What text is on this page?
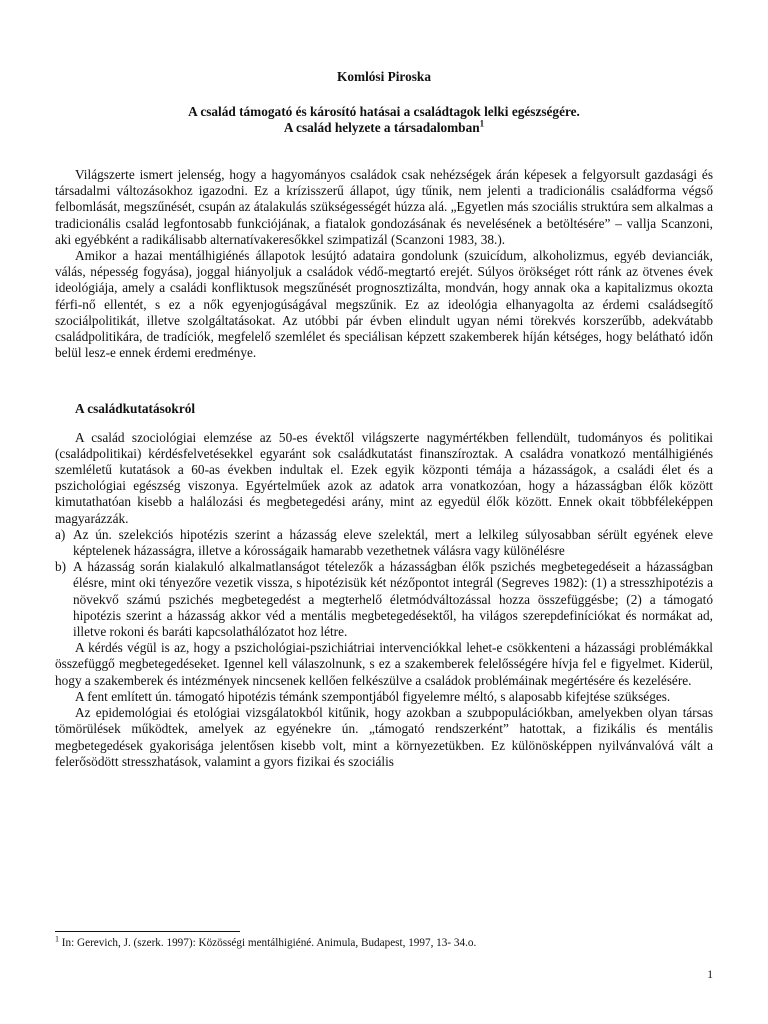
Komlósi Piroska
A család támogató és károsító hatásai a családtagok lelki egészségére.
A család helyzete a társadalomban$^1$

Világszerte ismert jelenség, hogy a hagyományos családok csak nehézségek árán képesek a felgyorsult gazdasági és társadalmi változásokhoz igazodni. Ez a krízisszerű állapot, úgy tűnik, nem jelenti a tradicionális családforma végső felbomlását, megszűnését, csupán az átalakulás szükségességét húzza alá. „Egyetlen más szociális struktúra sem alkalmas a tradicionális család legfontosabb funkciójának, a fiatalok gondozásának és nevelésének a betöltésére” – vallja Scanzoni, aki egyébként a radikálisabb alternatívakeresőkkel szimpatizál (Scanzoni 1983, 38.).

Amikor a hazai mentálhigiénés állapotok lesújtó adataira gondolunk (szuicídum, alkoholizmus, egyéb devianciák, válás, népesség fogyása), joggal hiányoljuk a családok védő-megtartó erejét. Súlyos örökséget rótt ránk az ötvenes évek ideológiája, amely a családi konfliktusok megszűnését prognosztizálta, mondván, hogy annak oka a kapitalizmus okozta férfi-nő ellentét, s ez a nők egyenjogúságával megszűnik. Ez az ideológia elhanyagolta az érdemi családsegítő szociálpolitikát, illetve szolgáltatásokat. Az utóbbi pár évben elindult ugyan némi törekvés korszerűbb, adekvátabb családpolitikára, de tradíciók, megfelelő szemlélet és speciálisan képzett szakemberek híján kétséges, hogy belátható időn belül lesz-e ennek érdemi eredménye.

A családkutatásokról

A család szociológiai elemzése az 50-es évektől világszerte nagymértékben fellendült, tudományos és politikai (családpolitikai) kérdésfelvetésekkel egyaránt sok családkutatást finanszíroztak. A családra vonatkozó mentálhigiénés szemléletű kutatások a 60-as években indultak el. Ezek egyik központi témája a házasságok, a családi élet és a pszichológiai egészség viszonya. Egyértelműek azok az adatok arra vonatkozóan, hogy a házasságban élők között kimutathatóan kisebb a halálozási és megbetegedési arány, mint az egyedül élők között. Ennek okait többféleképpen magyarázzák.

a) Az ún. szelekciós hipotézis szerint a házasság eleve szelektál, mert a lelkileg súlyosabban sérült egyének eleve képtelenek házasságra, illetve a kórosságaik hamarabb vezethetnek válásra vagy különélésre
b) A házasság során kialakuló alkalmatlanságot tételezők a házasságban élők pszichés megbetegedéseit a házasságban élésre, mint oki tényezőre vezetik vissza, s hipotézisük két nézőpontot integrál (Segreves 1982): (1) a stresszhipotézis a növekvő számú pszichés megbetegedést a megterhelő életmódváltozással hozza összefüggésbe; (2) a támogató hipotézis szerint a házasság akkor véd a mentális megbetegedésektől, ha világos szerepdefiníciókat és normákat ad, illetve rokoni és baráti kapcsolathálózatot hoz létre.

A kérdés végül is az, hogy a pszichológiai-pszichiátriai intervenciókkal lehet-e csökkenteni a házassági problémákkal összefüggő megbetegedéseket. Igennel kell válaszolnunk, s ez a szakemberek felelősségére hívja fel e figyelmet. Kiderül, hogy a szakemberek és intézmények nincsenek kellően felkészülve a családok problémáinak megértésére és kezelésére.

A fent említett ún. támogató hipotézis témánk szempontjából figyelemre méltó, s alaposabb kifejtése szükséges.

Az epidemológiai és etológiai vizsgálatokból kitűnik, hogy azokban a szubpopulációkban, amelyekben olyan társas tömörülések működtek, amelyek az egyénekre ún. „támogató rendszerként” hatottak, a fizikális és mentális megbetegedések gyakorisága jelentősen kisebb volt, mint a környezetükben. Ez különösképpen nyilvánvalóvá vált a felerősödött stresszhatások, valamint a gyors fizikai és szociális

$^1$ In: Gerevich, J. (szerk. 1997): Közösségi mentálhigiéné. Animula, Budapest, 1997, 13- 34.o.
1
